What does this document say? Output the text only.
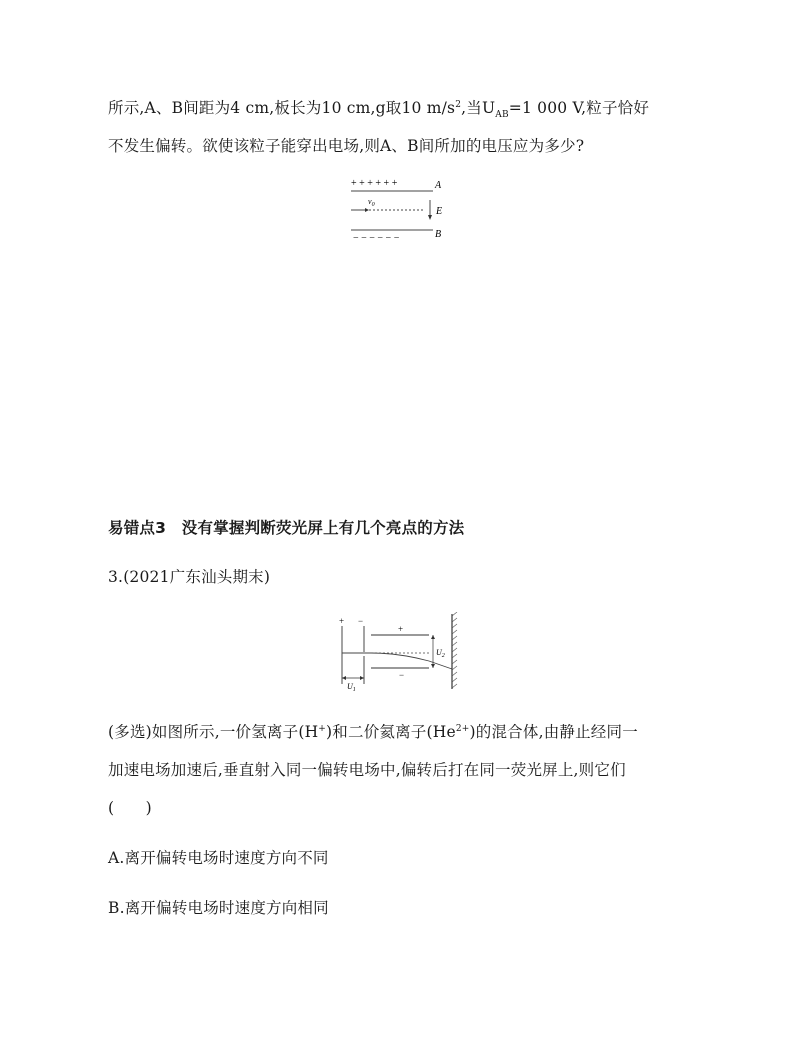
所示,A、B间距为4 cm,板长为10 cm,g取10 $m/s^2$,当$U_{AB}=1$ 000 V,粒子恰好
不发生偏转。欲使该粒子能穿出电场,则A、B间所加的电压应为多少?
+ + + + + +	A
$v_0$
E
− − − − − −	B
易错点3　没有掌握判断荧光屏上有几个亮点的方法
3.(2021广东汕头期末)
+ −
$U_1$
+
−
$U_2$
(多选)如图所示,一价氢离子(H+)和二价氦离子$(He^{2+})$的混合体,由静止经同一
加速电场加速后,垂直射入同一偏转电场中,偏转后打在同一荧光屏上,则它们
(　　)
A.离开偏转电场时速度方向不同
B.离开偏转电场时速度方向相同
